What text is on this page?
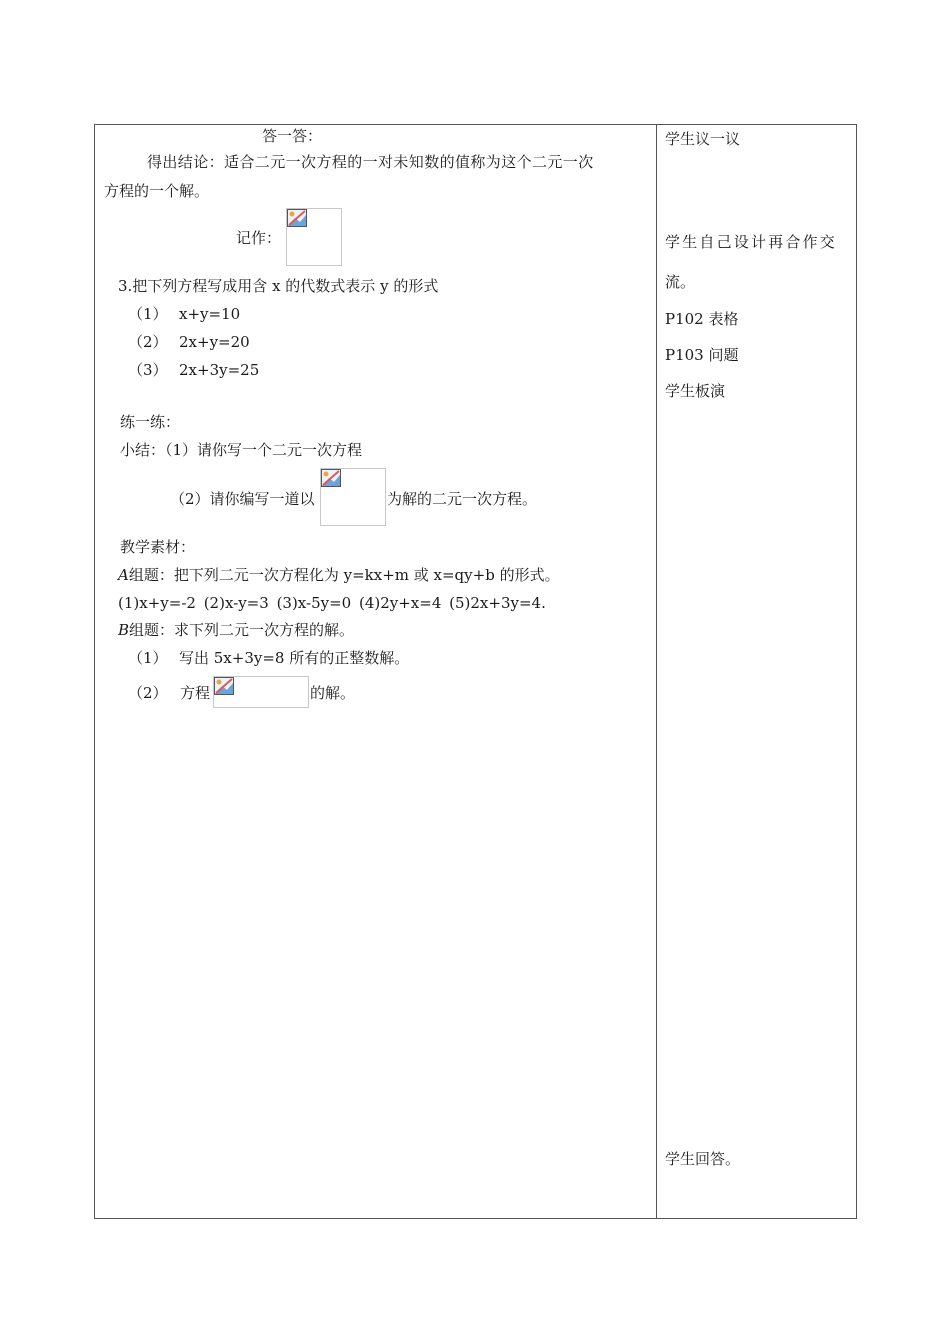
答一答：
得出结论：适合二元一次方程的一对未知数的值称为这个二元一次
方程的一个解。
记作：
3.把下列方程写成用含 x 的代数式表示 y 的形式
（1） x+y=10
（2） 2x+y=20
（3） 2x+3y=25
练一练：
小结：（1）请你写一个二元一次方程
（2）请你编写一道以	为解的二元一次方程。
教学素材：
A组题：把下列二元一次方程化为 y=kx+m 或 x=qy+b 的形式。
(1)x+y=-2 (2)x-y=3 (3)x-5y=0 (4)2y+x=4 (5)2x+3y=4.
B组题：求下列二元一次方程的解。
（1） 写出 5x+3y=8 所有的正整数解。
（2） 方程	的解。
学生议一议
学生自己设计再合作交
流。
P102 表格
P103 问题
学生板演
学生回答。
